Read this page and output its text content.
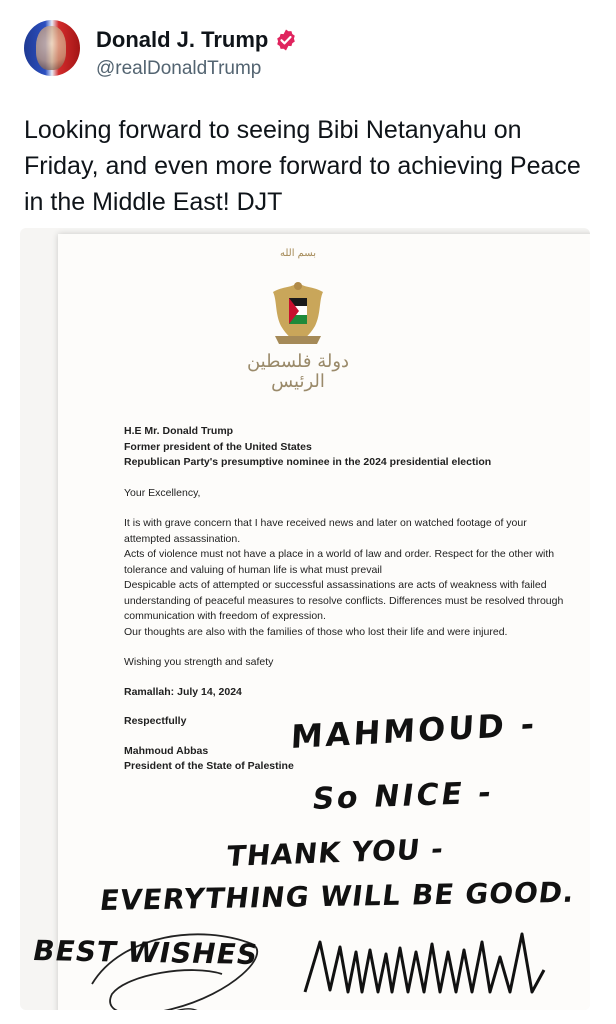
Donald J. Trump
@realDonaldTrump
Looking forward to seeing Bibi Netanyahu on Friday, and even more forward to achieving Peace in the Middle East! DJT
بسم الله
دولة فلسطين الرئيس

H.E Mr. Donald Trump

Former president of the United States

Republican Party's presumptive nominee in the 2024 presidential election

Your Excellency,

It is with grave concern that I have received news and later on watched footage of your attempted assassination.

Acts of violence must not have a place in a world of law and order. Respect for the other with tolerance and valuing of human life is what must prevail

Despicable acts of attempted or successful assassinations are acts of weakness with failed understanding of peaceful measures to resolve conflicts. Differences must be resolved through communication with freedom of expression.

Our thoughts are also with the families of those who lost their life and were injured.

Wishing you strength and safety

Ramallah: July 14, 2024

Respectfully

Mahmoud Abbas

President of the State of Palestine

MAHMOUD -
So NICE -
THANK YOU -
EVERYTHING WILL BE GOOD.
BEST WISHES
